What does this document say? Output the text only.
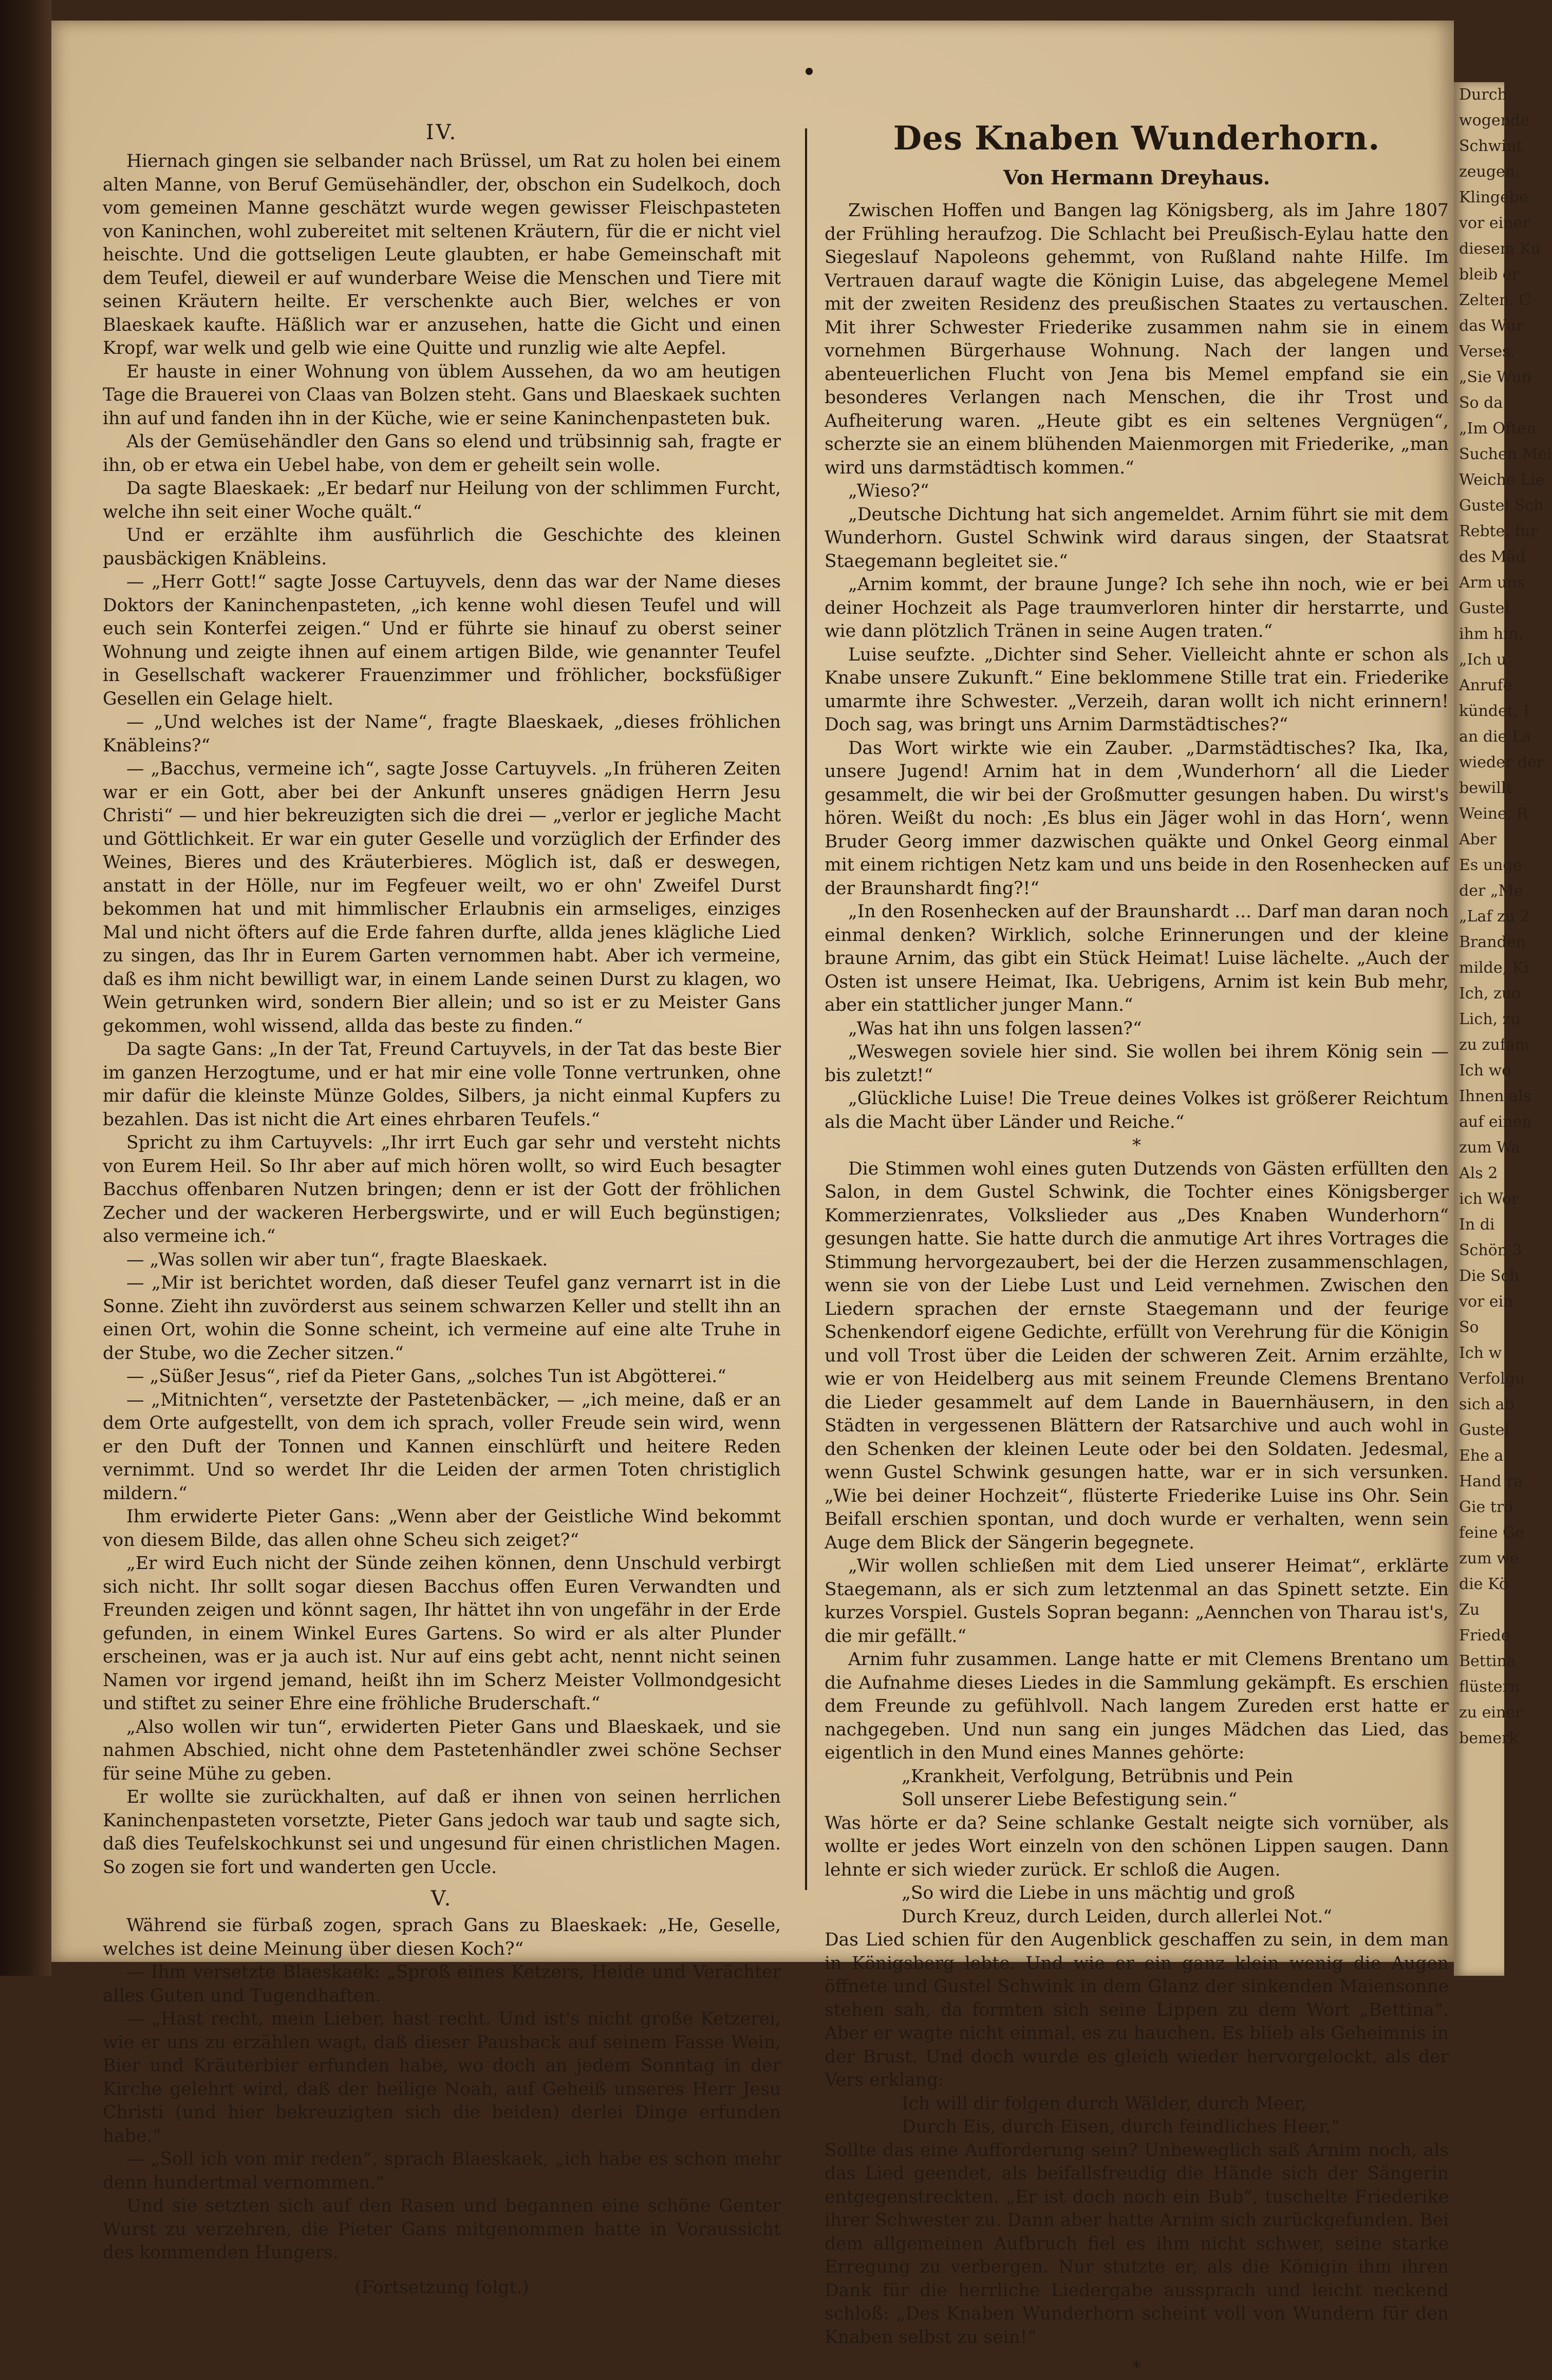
Durch
wogende
Schwint
zeugen,
Klingebe
vor einer
diesem Ku
bleib er
Zelten. C
das Wur
Verses.
„Sie Wun
So da
„Im Often
Suchen Mei
Weiche Lie
Gustel Sch
Rebte, fur
des Mäd
Arm uns
Gustel
ihm hin,
„Ich u
Anrufe
kündet, I
an die La
wieder der
bewillt
Weine, R
Aber
Es unge
der „Me
„Laf zu 2
Branden
milde, Ki
Ich, zuo
Lich, zu
zu zufam
Ich wo
Ihnen als
auf einen
zum Wa
Als 2
ich Wor
In di
Schön 3
Die Sch
vor ein
So
Ich w
Verfolgu
sich ab
Gustel
Ehe a
Hand ra
Gie trö
feine Ge
zum we
die Kö
Zu
Friede
Bettina
flüstern
zu einer
bemerk
IV.

Hiernach gingen sie selbander nach Brüssel, um Rat zu holen bei einem alten Manne, von Beruf Gemüsehändler, der, obschon ein Sudelkoch, doch vom gemeinen Manne geschätzt wurde wegen gewisser Fleischpasteten von Kaninchen, wohl zubereitet mit seltenen Kräutern, für die er nicht viel heischte. Und die gottseligen Leute glaubten, er habe Gemeinschaft mit dem Teufel, dieweil er auf wunderbare Weise die Menschen und Tiere mit seinen Kräutern heilte. Er verschenkte auch Bier, welches er von Blaeskaek kaufte. Häßlich war er anzusehen, hatte die Gicht und einen Kropf, war welk und gelb wie eine Quitte und runzlig wie alte Aepfel.

Er hauste in einer Wohnung von üblem Aussehen, da wo am heutigen Tage die Brauerei von Claas van Bolzen steht. Gans und Blaeskaek suchten ihn auf und fanden ihn in der Küche, wie er seine Kaninchenpasteten buk.

Als der Gemüsehändler den Gans so elend und trübsinnig sah, fragte er ihn, ob er etwa ein Uebel habe, von dem er geheilt sein wolle.

Da sagte Blaeskaek: „Er bedarf nur Heilung von der schlimmen Furcht, welche ihn seit einer Woche quält.“

Und er erzählte ihm ausführlich die Geschichte des kleinen pausbäckigen Knäbleins.

— „Herr Gott!“ sagte Josse Cartuyvels, denn das war der Name dieses Doktors der Kaninchenpasteten, „ich kenne wohl diesen Teufel und will euch sein Konterfei zeigen.“ Und er führte sie hinauf zu oberst seiner Wohnung und zeigte ihnen auf einem artigen Bilde, wie genannter Teufel in Gesellschaft wackerer Frauenzimmer und fröhlicher, bocksfüßiger Gesellen ein Gelage hielt.

— „Und welches ist der Name“, fragte Blaeskaek, „dieses fröhlichen Knäbleins?“

— „Bacchus, vermeine ich“, sagte Josse Cartuyvels. „In früheren Zeiten war er ein Gott, aber bei der Ankunft unseres gnädigen Herrn Jesu Christi“ — und hier bekreuzigten sich die drei — „verlor er jegliche Macht und Göttlichkeit. Er war ein guter Geselle und vorzüglich der Erfinder des Weines, Bieres und des Kräuterbieres. Möglich ist, daß er deswegen, anstatt in der Hölle, nur im Fegfeuer weilt, wo er ohn' Zweifel Durst bekommen hat und mit himmlischer Erlaubnis ein armseliges, einziges Mal und nicht öfters auf die Erde fahren durfte, allda jenes klägliche Lied zu singen, das Ihr in Eurem Garten vernommen habt. Aber ich vermeine, daß es ihm nicht bewilligt war, in einem Lande seinen Durst zu klagen, wo Wein getrunken wird, sondern Bier allein; und so ist er zu Meister Gans gekommen, wohl wissend, allda das beste zu finden.“

Da sagte Gans: „In der Tat, Freund Cartuyvels, in der Tat das beste Bier im ganzen Herzogtume, und er hat mir eine volle Tonne vertrunken, ohne mir dafür die kleinste Münze Goldes, Silbers, ja nicht einmal Kupfers zu bezahlen. Das ist nicht die Art eines ehrbaren Teufels.“

Spricht zu ihm Cartuyvels: „Ihr irrt Euch gar sehr und versteht nichts von Eurem Heil. So Ihr aber auf mich hören wollt, so wird Euch besagter Bacchus offenbaren Nutzen bringen; denn er ist der Gott der fröhlichen Zecher und der wackeren Herbergswirte, und er will Euch begünstigen; also vermeine ich.“

— „Was sollen wir aber tun“, fragte Blaeskaek.

— „Mir ist berichtet worden, daß dieser Teufel ganz vernarrt ist in die Sonne. Zieht ihn zuvörderst aus seinem schwarzen Keller und stellt ihn an einen Ort, wohin die Sonne scheint, ich vermeine auf eine alte Truhe in der Stube, wo die Zecher sitzen.“

— „Süßer Jesus“, rief da Pieter Gans, „solches Tun ist Abgötterei.“

— „Mitnichten“, versetzte der Pastetenbäcker, — „ich meine, daß er an dem Orte aufgestellt, von dem ich sprach, voller Freude sein wird, wenn er den Duft der Tonnen und Kannen einschlürft und heitere Reden vernimmt. Und so werdet Ihr die Leiden der armen Toten christiglich mildern.“

Ihm erwiderte Pieter Gans: „Wenn aber der Geistliche Wind bekommt von diesem Bilde, das allen ohne Scheu sich zeiget?“

„Er wird Euch nicht der Sünde zeihen können, denn Unschuld verbirgt sich nicht. Ihr sollt sogar diesen Bacchus offen Euren Verwandten und Freunden zeigen und könnt sagen, Ihr hättet ihn von ungefähr in der Erde gefunden, in einem Winkel Eures Gartens. So wird er als alter Plunder erscheinen, was er ja auch ist. Nur auf eins gebt acht, nennt nicht seinen Namen vor irgend jemand, heißt ihn im Scherz Meister Vollmondgesicht und stiftet zu seiner Ehre eine fröhliche Bruderschaft.“

„Also wollen wir tun“, erwiderten Pieter Gans und Blaeskaek, und sie nahmen Abschied, nicht ohne dem Pastetenhändler zwei schöne Sechser für seine Mühe zu geben.

Er wollte sie zurückhalten, auf daß er ihnen von seinen herrlichen Kaninchenpasteten vorsetzte, Pieter Gans jedoch war taub und sagte sich, daß dies Teufelskochkunst sei und ungesund für einen christlichen Magen. So zogen sie fort und wanderten gen Uccle.

V.

Während sie fürbaß zogen, sprach Gans zu Blaeskaek: „He, Geselle, welches ist deine Meinung über diesen Koch?“

— Ihm versetzte Blaeskaek: „Sproß eines Ketzers, Heide und Verächter alles Guten und Tugendhaften.

— „Hast recht, mein Lieber, hast recht. Und ist's nicht große Ketzerei, wie er uns zu erzählen wagt, daß dieser Pausback auf seinem Fasse Wein, Bier und Kräuterbier erfunden habe, wo doch an jedem Sonntag in der Kirche gelehrt wird, daß der heilige Noah, auf Geheiß unseres Herr Jesu Christi (und hier bekreuzigten sich die beiden) derlei Dinge erfunden habe.“

— „Soll ich von mir reden“, sprach Blaeskaek, „ich habe es schon mehr denn hundertmal vernommen.“

Und sie setzten sich auf den Rasen und begannen eine schöne Genter Wurst zu verzehren, die Pieter Gans mitgenommen hatte in Voraussicht des kommenden Hungers.

(Fortsetzung folgt.)
Des Knaben Wunderhorn.
Von Hermann Dreyhaus.

Zwischen Hoffen und Bangen lag Königsberg, als im Jahre 1807 der Frühling heraufzog. Die Schlacht bei Preußisch-Eylau hatte den Siegeslauf Napoleons gehemmt, von Rußland nahte Hilfe. Im Vertrauen darauf wagte die Königin Luise, das abgelegene Memel mit der zweiten Residenz des preußischen Staates zu vertauschen. Mit ihrer Schwester Friederike zusammen nahm sie in einem vornehmen Bürgerhause Wohnung. Nach der langen und abenteuerlichen Flucht von Jena bis Memel empfand sie ein besonderes Verlangen nach Menschen, die ihr Trost und Aufheiterung waren. „Heute gibt es ein seltenes Vergnügen“, scherzte sie an einem blühenden Maienmorgen mit Friederike, „man wird uns darmstädtisch kommen.“

„Wieso?“

„Deutsche Dichtung hat sich angemeldet. Arnim führt sie mit dem Wunderhorn. Gustel Schwink wird daraus singen, der Staatsrat Staegemann begleitet sie.“

„Arnim kommt, der braune Junge? Ich sehe ihn noch, wie er bei deiner Hochzeit als Page traumverloren hinter dir herstarrte, und wie dann plötzlich Tränen in seine Augen traten.“

Luise seufzte. „Dichter sind Seher. Vielleicht ahnte er schon als Knabe unsere Zukunft.“ Eine beklommene Stille trat ein. Friederike umarmte ihre Schwester. „Verzeih, daran wollt ich nicht erinnern! Doch sag, was bringt uns Arnim Darmstädtisches?“

Das Wort wirkte wie ein Zauber. „Darmstädtisches? Ika, Ika, unsere Jugend! Arnim hat in dem ‚Wunderhorn‘ all die Lieder gesammelt, die wir bei der Großmutter gesungen haben. Du wirst's hören. Weißt du noch: ‚Es blus ein Jäger wohl in das Horn‘, wenn Bruder Georg immer dazwischen quäkte und Onkel Georg einmal mit einem richtigen Netz kam und uns beide in den Rosenhecken auf der Braunshardt fing?!“

„In den Rosenhecken auf der Braunshardt ... Darf man daran noch einmal denken? Wirklich, solche Erinnerungen und der kleine braune Arnim, das gibt ein Stück Heimat! Luise lächelte. „Auch der Osten ist unsere Heimat, Ika. Uebrigens, Arnim ist kein Bub mehr, aber ein stattlicher junger Mann.“

„Was hat ihn uns folgen lassen?“

„Weswegen soviele hier sind. Sie wollen bei ihrem König sein — bis zuletzt!“

„Glückliche Luise! Die Treue deines Volkes ist größerer Reichtum als die Macht über Länder und Reiche.“

*

Die Stimmen wohl eines guten Dutzends von Gästen erfüllten den Salon, in dem Gustel Schwink, die Tochter eines Königsberger Kommerzienrates, Volkslieder aus „Des Knaben Wunderhorn“ gesungen hatte. Sie hatte durch die anmutige Art ihres Vortrages die Stimmung hervorgezaubert, bei der die Herzen zusammenschlagen, wenn sie von der Liebe Lust und Leid vernehmen. Zwischen den Liedern sprachen der ernste Staegemann und der feurige Schenkendorf eigene Gedichte, erfüllt von Verehrung für die Königin und voll Trost über die Leiden der schweren Zeit. Arnim erzählte, wie er von Heidelberg aus mit seinem Freunde Clemens Brentano die Lieder gesammelt auf dem Lande in Bauernhäusern, in den Städten in vergessenen Blättern der Ratsarchive und auch wohl in den Schenken der kleinen Leute oder bei den Soldaten. Jedesmal, wenn Gustel Schwink gesungen hatte, war er in sich versunken. „Wie bei deiner Hochzeit“, flüsterte Friederike Luise ins Ohr. Sein Beifall erschien spontan, und doch wurde er verhalten, wenn sein Auge dem Blick der Sängerin begegnete.

„Wir wollen schließen mit dem Lied unserer Heimat“, erklärte Staegemann, als er sich zum letztenmal an das Spinett setzte. Ein kurzes Vorspiel. Gustels Sopran begann: „Aennchen von Tharau ist's, die mir gefällt.“

Arnim fuhr zusammen. Lange hatte er mit Clemens Brentano um die Aufnahme dieses Liedes in die Sammlung gekämpft. Es erschien dem Freunde zu gefühlvoll. Nach langem Zureden erst hatte er nachgegeben. Und nun sang ein junges Mädchen das Lied, das eigentlich in den Mund eines Mannes gehörte:

„Krankheit, Verfolgung, Betrübnis und Pein

Soll unserer Liebe Befestigung sein.“

Was hörte er da? Seine schlanke Gestalt neigte sich vornüber, als wollte er jedes Wort einzeln von den schönen Lippen saugen. Dann lehnte er sich wieder zurück. Er schloß die Augen.

„So wird die Liebe in uns mächtig und groß

Durch Kreuz, durch Leiden, durch allerlei Not.“

Das Lied schien für den Augenblick geschaffen zu sein, in dem man in Königsberg lebte. Und wie er ein ganz klein wenig die Augen öffnete und Gustel Schwink in dem Glanz der sinkenden Maiensonne stehen sah, da formten sich seine Lippen zu dem Wort „Bettina“. Aber er wagte nicht einmal, es zu hauchen. Es blieb als Geheimnis in der Brust. Und doch wurde es gleich wieder hervorgelockt, als der Vers erklang:

Ich will dir folgen durch Wälder, durch Meer,

Durch Eis, durch Eisen, durch feindliches Heer.“

Sollte das eine Aufforderung sein? Unbeweglich saß Arnim noch, als das Lied geendet, als beifallsfreudig die Hände sich der Sängerin entgegenstreckten. „Er ist doch noch ein Bub“, tuschelte Friederike ihrer Schwester zu. Dann aber hatte Arnim sich zurückgefunden. Bei dem allgemeinen Aufbruch fiel es ihm nicht schwer, seine starke Erregung zu verbergen. Nur stutzte er, als die Königin ihm ihren Dank für die herrliche Liedergabe aussprach und leicht neckend schloß: „Des Knaben Wunderhorn scheint voll von Wundern für den Knaben selbst zu sein!“

*
